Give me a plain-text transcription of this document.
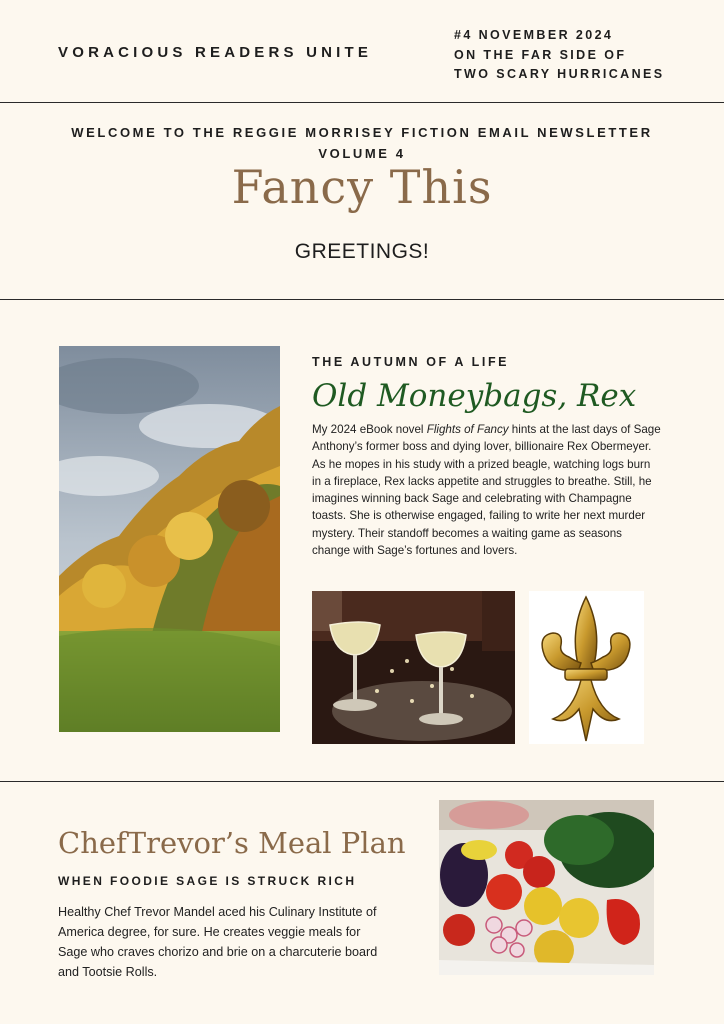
VORACIOUS READERS UNITE
#4 NOVEMBER 2024
ON THE FAR SIDE OF
TWO SCARY HURRICANES
WELCOME TO THE REGGIE MORRISEY FICTION EMAIL NEWSLETTER
VOLUME 4
Fancy This
GREETINGS!
THE AUTUMN OF A LIFE
Old Moneybags, Rex
My 2024 eBook novel Flights of Fancy hints at the last days of Sage Anthony’s former boss and dying lover, billionaire Rex Obermeyer. As he mopes in his study with a prized beagle, watching logs burn in a fireplace, Rex lacks appetite and struggles to breathe. Still, he imagines winning back Sage and celebrating with Champagne toasts. She is otherwise engaged, failing to write her next murder mystery. Their standoff becomes a waiting game as seasons change with Sage’s fortunes and lovers.
ChefTrevor’s Meal Plan
WHEN FOODIE SAGE IS STRUCK RICH
Healthy Chef Trevor Mandel aced his Culinary Institute of America degree, for sure. He creates veggie meals for Sage who craves chorizo and brie on a charcuterie board and Tootsie Rolls.
